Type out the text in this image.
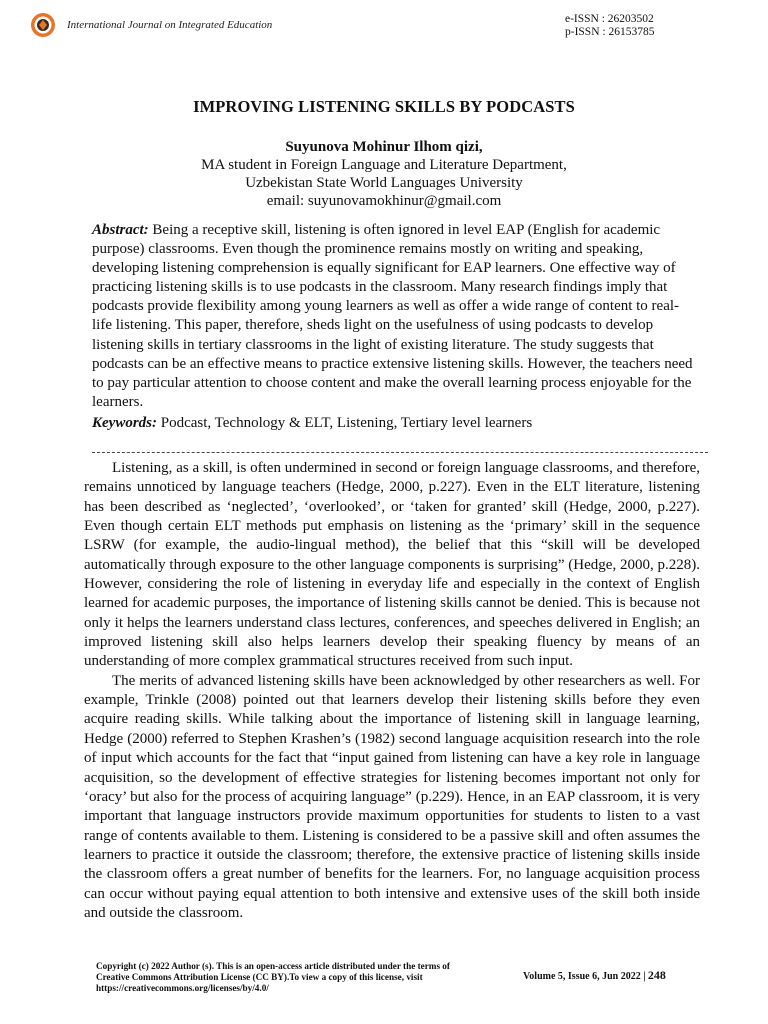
International Journal on Integrated Education	e-ISSN : 26203502
p-ISSN : 26153785
IMPROVING LISTENING SKILLS BY PODCASTS
Suyunova Mohinur Ilhom qizi,
MA student in Foreign Language and Literature Department,
Uzbekistan State World Languages University
email: suyunovamokhinur@gmail.com
Abstract: Being a receptive skill, listening is often ignored in level EAP (English for academic purpose) classrooms. Even though the prominence remains mostly on writing and speaking, developing listening comprehension is equally significant for EAP learners. One effective way of practicing listening skills is to use podcasts in the classroom. Many research findings imply that podcasts provide flexibility among young learners as well as offer a wide range of content to real-life listening. This paper, therefore, sheds light on the usefulness of using podcasts to develop listening skills in tertiary classrooms in the light of existing literature. The study suggests that podcasts can be an effective means to practice extensive listening skills. However, the teachers need to pay particular attention to choose content and make the overall learning process enjoyable for the learners.
Keywords: Podcast, Technology & ELT, Listening, Tertiary level learners

Listening, as a skill, is often undermined in second or foreign language classrooms, and therefore, remains unnoticed by language teachers (Hedge, 2000, p.227). Even in the ELT literature, listening has been described as ‘neglected’, ‘overlooked’, or ‘taken for granted’ skill (Hedge, 2000, p.227). Even though certain ELT methods put emphasis on listening as the ‘primary’ skill in the sequence LSRW (for example, the audio-lingual method), the belief that this “skill will be developed automatically through exposure to the other language components is surprising” (Hedge, 2000, p.228). However, considering the role of listening in everyday life and especially in the context of English learned for academic purposes, the importance of listening skills cannot be denied. This is because not only it helps the learners understand class lectures, conferences, and speeches delivered in English; an improved listening skill also helps learners develop their speaking fluency by means of an understanding of more complex grammatical structures received from such input.

The merits of advanced listening skills have been acknowledged by other researchers as well. For example, Trinkle (2008) pointed out that learners develop their listening skills before they even acquire reading skills. While talking about the importance of listening skill in language learning, Hedge (2000) referred to Stephen Krashen’s (1982) second language acquisition research into the role of input which accounts for the fact that “input gained from listening can have a key role in language acquisition, so the development of effective strategies for listening becomes important not only for ‘oracy’ but also for the process of acquiring language” (p.229). Hence, in an EAP classroom, it is very important that language instructors provide maximum opportunities for students to listen to a vast range of contents available to them. Listening is considered to be a passive skill and often assumes the learners to practice it outside the classroom; therefore, the extensive practice of listening skills inside the classroom offers a great number of benefits for the learners. For, no language acquisition process can occur without paying equal attention to both intensive and extensive uses of the skill both inside and outside the classroom.

Copyright (c) 2022 Author (s). This is an open-access article distributed under the terms of Creative Commons Attribution License (CC BY).To view a copy of this license, visit https://creativecommons.org/licenses/by/4.0/
Volume 5, Issue 6, Jun 2022 | 248
